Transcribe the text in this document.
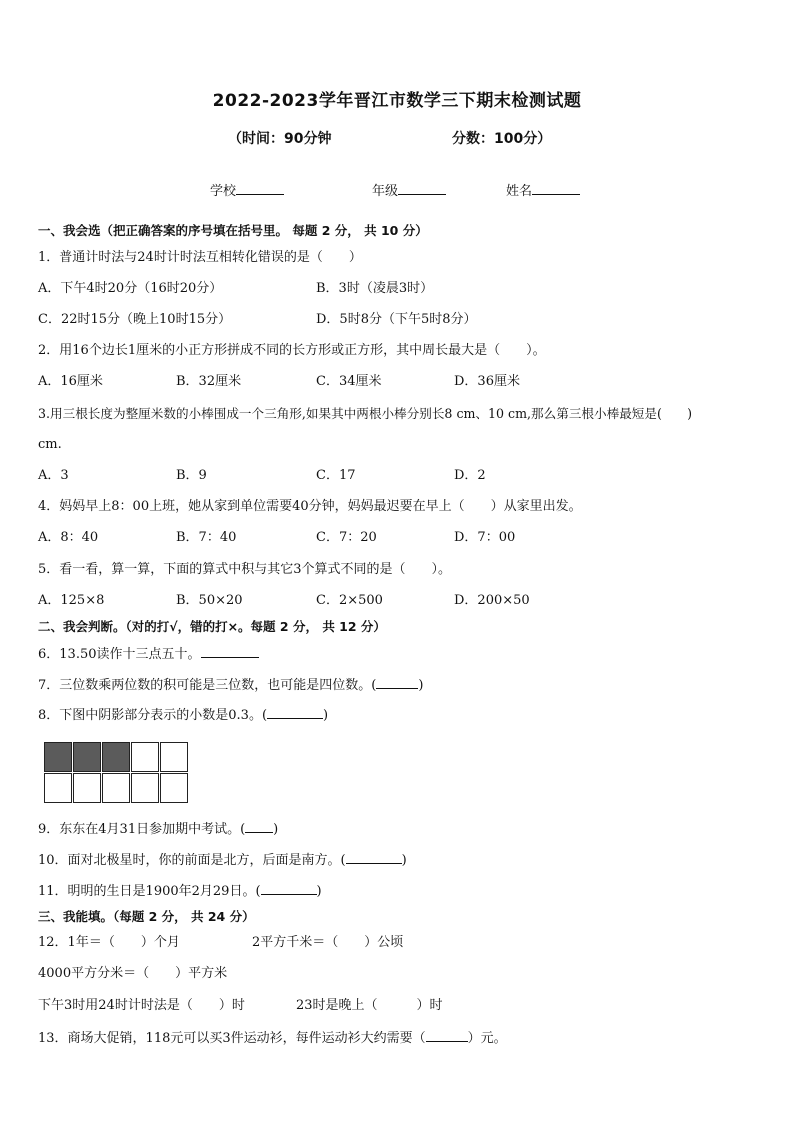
2022-2023学年晋江市数学三下期末检测试题
（时间：90分钟	分数：100分）
学校	年级	姓名
一、我会选（把正确答案的序号填在括号里。 每题 2 分， 共 10 分）
1．普通计时法与24时计时法互相转化错误的是（　　）
A．下午4时20分（16时20分）	B．3时（凌晨3时）
C．22时15分（晚上10时15分）	D．5时8分（下午5时8分）
2．用16个边长1厘米的小正方形拼成不同的长方形或正方形，其中周长最大是（　　）。
A．16厘米	B．32厘米	C．34厘米	D．36厘米
3.用三根长度为整厘米数的小棒围成一个三角形,如果其中两根小棒分别长8 cm、10 cm,那么第三根小棒最短是(　　)
cm.
A．3	B．9	C．17	D．2
4．妈妈早上8：00上班，她从家到单位需要40分钟，妈妈最迟要在早上（　　）从家里出发。
A．8：40	B．7：40	C．7：20	D．7：00
5．看一看，算一算，下面的算式中积与其它3个算式不同的是（　　）。
A．125×8	B．50×20	C．2×500	D．200×50
二、我会判断。（对的打√，错的打×。每题 2 分， 共 12 分）
6．13.50读作十三点五十。
7．三位数乘两位数的积可能是三位数，也可能是四位数。(	)
8．下图中阴影部分表示的小数是0.3。(	)
9．东东在4月31日参加期中考试。( )
10．面对北极星时，你的前面是北方，后面是南方。(	)
11．明明的生日是1900年2月29日。(	)
三、我能填。（每题 2 分， 共 24 分）
12．1年＝（　　）个月	2平方千米＝（　　）公顷
4000平方分米＝（　　）平方米
下午3时用24时计时法是（　　）时	23时是晚上（　　　）时
13．商场大促销，118元可以买3件运动衫，每件运动衫大约需要（	）元。
